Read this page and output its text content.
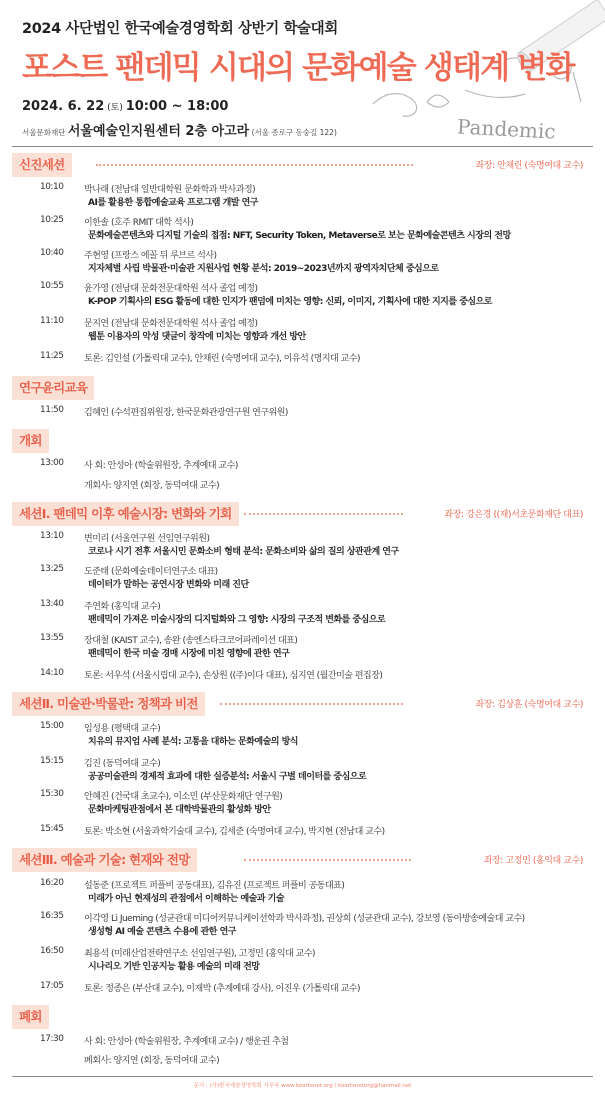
Pandemic
2024 사단법인 한국예술경영학회 상반기 학술대회
포스트 팬데믹 시대의 문화예술 생태계 변화
2024. 6. 22 (토) 10:00 ~ 18:00
서울문화재단 서울예술인지원센터 2층 아고라 (서울 종로구 동숭길 122)
신진세션	좌장: 안채린 (숙명여대 교수)
10:10	박나래 (전남대 일반대학원 문화학과 박사과정)
AI를 활용한 통합예술교육 프로그램 개발 연구
10:25	이한솔 (호주 RMIT 대학 석사)
문화예술콘텐츠와 디지털 기술의 접점: NFT, Security Token, Metaverse로 보는 문화예술콘텐츠 시장의 전망
10:40	주현영 (프랑스 에꼴 뒤 루브르 석사)
지자체별 사립 박물관·미술관 지원사업 현황 분석: 2019~2023년까지 광역자치단체 중심으로
10:55	윤가영 (전남대 문화전문대학원 석사 졸업 예정)
K-POP 기획사의 ESG 활동에 대한 인지가 팬덤에 미치는 영향: 신뢰, 이미지, 기획사에 대한 지지를 중심으로
11:10	문지연 (전남대 문화전문대학원 석사 졸업 예정)
웹툰 이용자의 악성 댓글이 창작에 미치는 영향과 개선 방안
11:25	토론: 김인설 (가톨릭대 교수), 안채린 (숙명여대 교수), 이유석 (명지대 교수)
연구윤리교육
11:50	김혜인 (수석편집위원장, 한국문화관광연구원 연구위원)
개회
13:00	사 회: 안성아 (학술위원장, 추계예대 교수)
개회사: 양지연 (회장, 동덕여대 교수)
세션Ⅰ. 팬데믹 이후 예술시장: 변화와 기회	좌장: 강은경 ((재)서초문화재단 대표)
13:10	변미리 (서울연구원 선임연구위원)
코로나 시기 전후 서울시민 문화소비 형태 분석: 문화소비와 삶의 질의 상관관계 연구
13:25	도준태 (문화예술데이터연구소 대표)
데이터가 말하는 공연시장 변화와 미래 진단
13:40	주연화 (홍익대 교수)
팬데믹이 가져온 미술시장의 디지털화와 그 영향: 시장의 구조적 변화를 중심으로
13:55	장대철 (KAIST 교수), 송완 (송엔스타크코어파레이션 대표)
팬데믹이 한국 미술 경매 시장에 미친 영향에 관한 연구
14:10	토론: 서우석 (서울시립대 교수), 손상원 ((주)이다 대표), 심지연 (월간미술 편집장)
세션Ⅱ. 미술관·박물관: 정책과 비전	좌장: 김상훈 (숙명여대 교수)
15:00	임성용 (평택대 교수)
치유의 뮤지엄 사례 분석: 고통을 대하는 문화예술의 방식
15:15	김진 (동덕여대 교수)
공공미술관의 경제적 효과에 대한 실증분석: 서울시 구별 데이터를 중심으로
15:30	안혜진 (건국대 초교수), 이소민 (부산문화재단 연구원)
문화마케팅관점에서 본 대학박물관의 활성화 방안
15:45	토론: 박소현 (서울과학기술대 교수), 김세준 (숙명여대 교수), 박지현 (전남대 교수)
세션Ⅲ. 예술과 기술: 현재와 전망	좌장: 고정민 (홍익대 교수)
16:20	설동준 (프로젝트 퍼플비 공동대표), 김유진 (프로젝트 퍼플비 공동대표)
미래가 아닌 현재성의 관점에서 이해하는 예술과 기술
16:35	이각영 Li Jueming (성균관대 미디어커뮤니케이션학과 박사과정), 권상희 (성균관대 교수), 강보영 (동아방송예술대 교수)
생성형 AI 예술 콘텐츠 수용에 관한 연구
16:50	최용석 (미래산업전략연구소 선임연구원), 고정민 (홍익대 교수)
시나리오 기반 인공지능 활용 예술의 미래 전망
17:05	토론: 정종은 (부산대 교수), 이재박 (추계예대 강사), 이진우 (가톨릭대 교수)
폐회
17:30	사 회: 안성아 (학술위원장, 추계예대 교수) / 행운권 추첨
폐회사: 양지연 (회장, 동덕여대 교수)
문의 : (사)한국예술경영학회 사무국 www.koartsnet.org / koartsnetorg@hanmail.net
